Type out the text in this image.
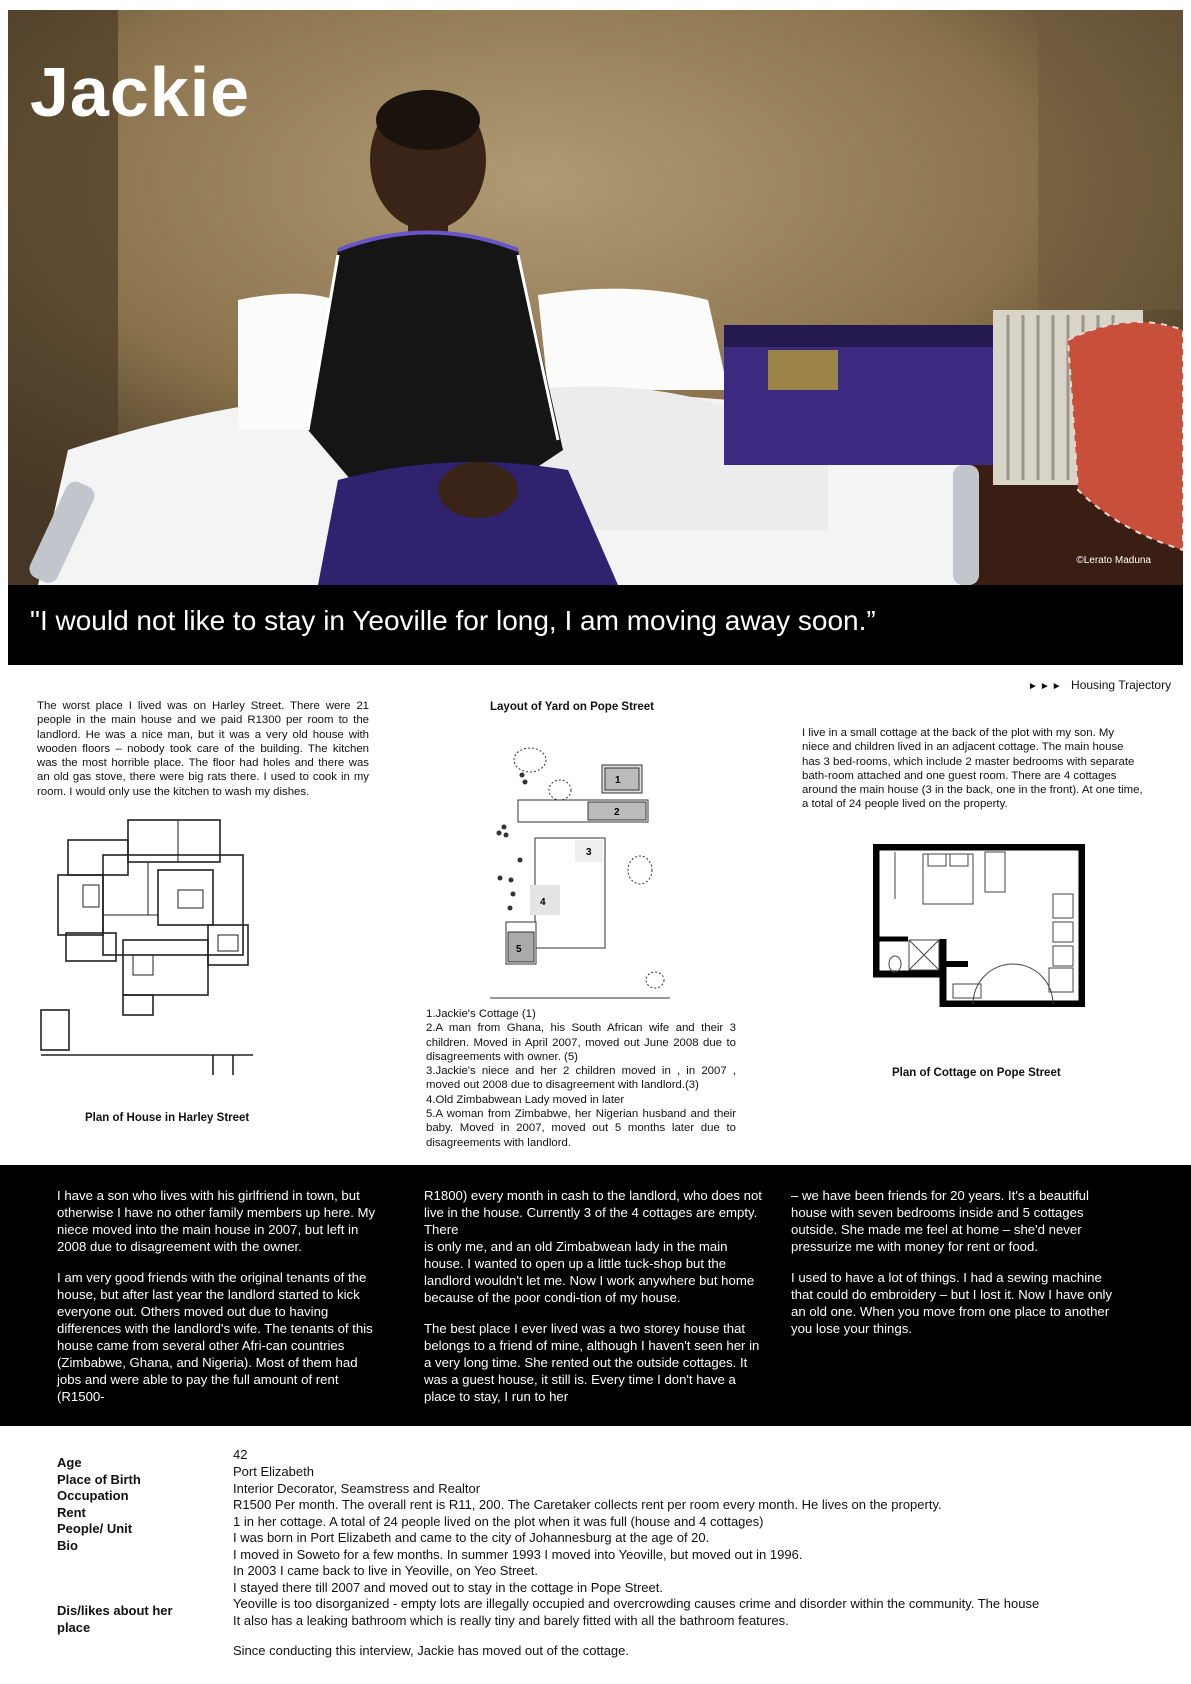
Jackie
©Lerato Maduna
"I would not like to stay in Yeoville for long, I am moving away soon.”
►►► Housing Trajectory
The worst place I lived was on Harley Street. There were 21 people in the main house and we paid R1300 per room to the landlord. He was a nice man, but it was a very old house with wooden floors – nobody took care of the building. The kitchen was the most horrible place. The floor had holes and there was an old gas stove, there were big rats there. I used to cook in my room. I would only use the kitchen to wash my dishes.
Plan of House in Harley Street
Layout of Yard on Pope Street
1
2
3
4
5
1.Jackie's Cottage (1)
2.A man from Ghana, his South African wife and their 3 children. Moved in April 2007, moved out June 2008 due to disagreements with owner. (5)
3.Jackie's niece and her 2 children moved in , in 2007 , moved out 2008 due to disagreement with landlord.(3)
4.Old Zimbabwean Lady moved in later
5.A woman from Zimbabwe, her Nigerian husband and their baby. Moved in 2007, moved out 5 months later due to disagreements with landlord.
I live in a small cottage at the back of the plot with my son. My niece and children lived in an adjacent cottage. The main house has 3 bed-rooms, which include 2 master bedrooms with separate bath-room attached and one guest room. There are 4 cottages around the main house (3 in the back, one in the front). At one time, a total of 24 people lived on the property.
Plan of Cottage on Pope Street

I have a son who lives with his girlfriend in town, but otherwise I have no other family members up here. My niece moved into the main house in 2007, but left in 2008 due to disagreement with the owner.

I am very good friends with the original tenants of the house, but after last year the landlord started to kick everyone out. Others moved out due to having differences with the landlord's wife. The tenants of this house came from several other Afri-can countries (Zimbabwe, Ghana, and Nigeria). Most of them had jobs and were able to pay the full amount of rent (R1500-

R1800) every month in cash to the landlord, who does not live in the house. Currently 3 of the 4 cottages are empty. There
is only me, and an old Zimbabwean lady in the main house. I wanted to open up a little tuck-shop but the landlord wouldn't let me. Now I work anywhere but home because of the poor condi-tion of my house.

The best place I ever lived was a two storey house that belongs to a friend of mine, although I haven't seen her in a very long time. She rented out the outside cottages. It was a guest house, it still is. Every time I don't have a place to stay, I run to her

– we have been friends for 20 years. It's a beautiful house with seven bedrooms inside and 5 cottages outside. She made me feel at home – she'd never pressurize me with money for rent or food.

I used to have a lot of things. I had a sewing machine that could do embroidery – but I lost it. Now I have only an old one. When you move from one place to another you lose your things.

Age
Place of Birth
Occupation
Rent
People/ Unit
Bio
Dis/likes about her place
42
Port Elizabeth
Interior Decorator, Seamstress and Realtor
R1500 Per month. The overall rent is R11, 200. The Caretaker collects rent per room every month. He lives on the property.
1 in her cottage. A total of 24 people lived on the plot when it was full (house and 4 cottages)
I was born in Port Elizabeth and came to the city of Johannesburg at the age of 20.
I moved in Soweto for a few months. In summer 1993 I moved into Yeoville, but moved out in 1996.
In 2003 I came back to live in Yeoville, on Yeo Street.
I stayed there till 2007 and moved out to stay in the cottage in Pope Street.
Yeoville is too disorganized - empty lots are illegally occupied and overcrowding causes crime and disorder within the community. The house
It also has a leaking bathroom which is really tiny and barely fitted with all the bathroom features.
Since conducting this interview, Jackie has moved out of the cottage.
